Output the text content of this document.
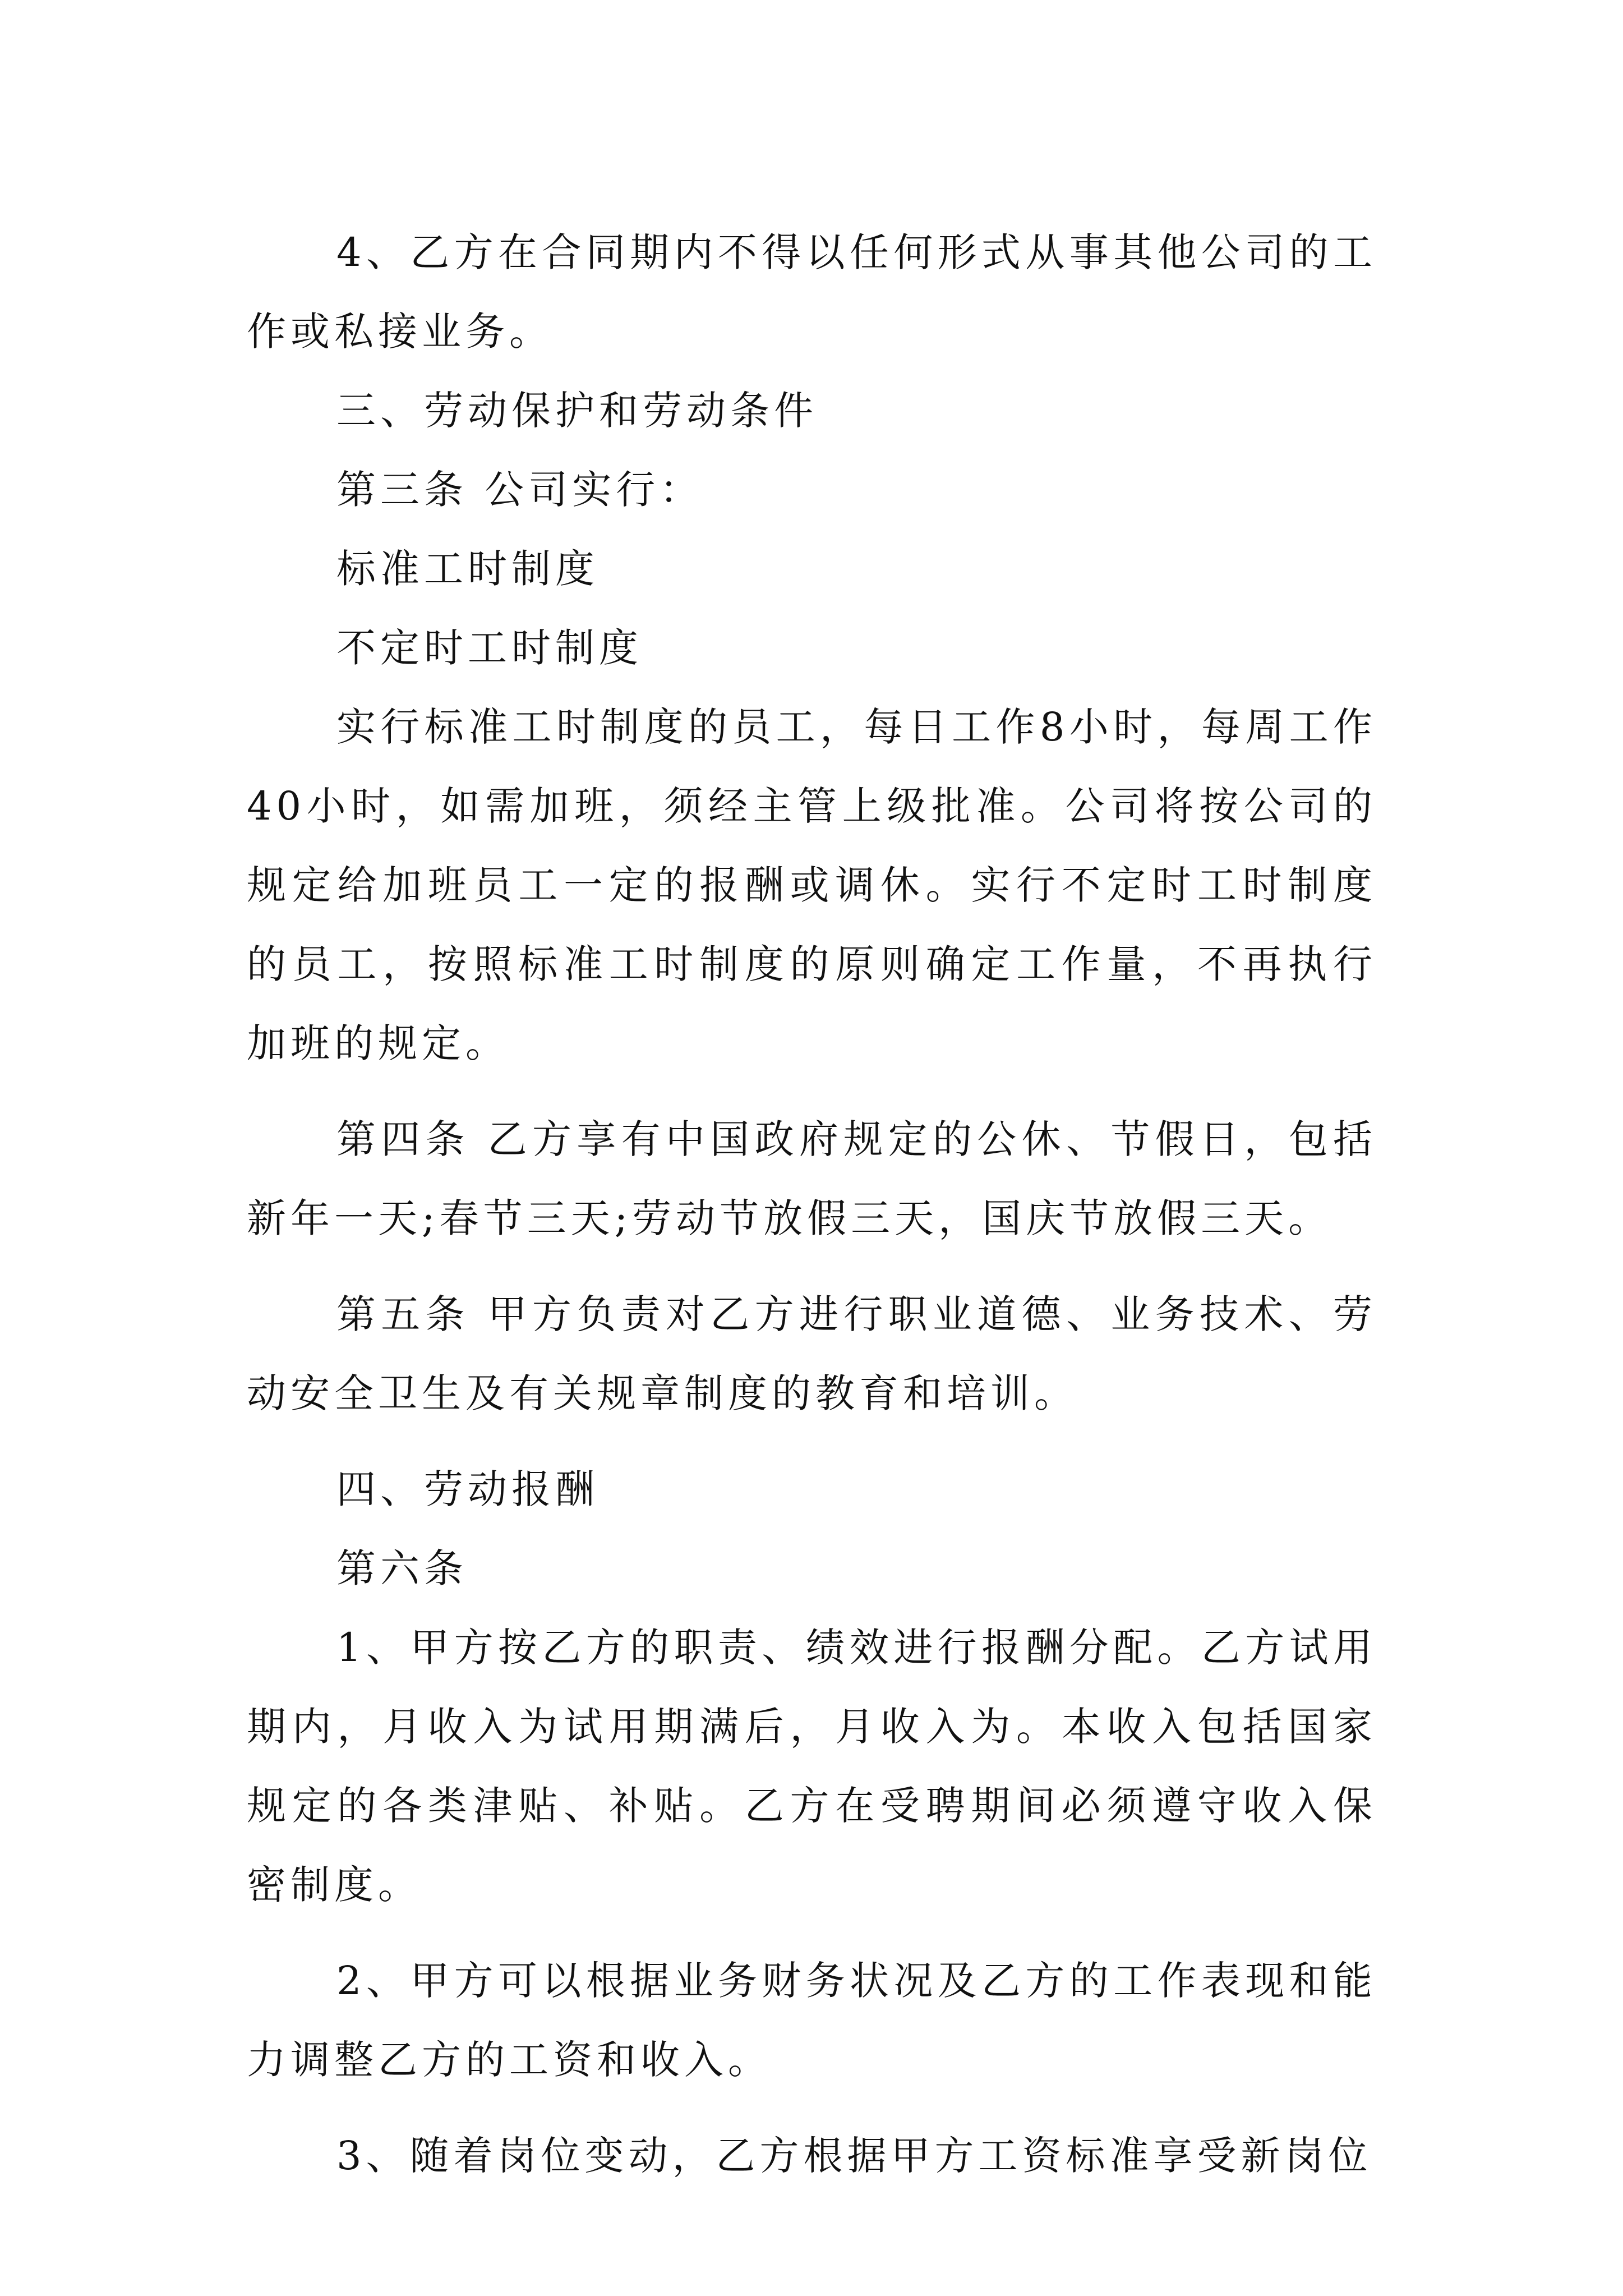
4、乙方在合同期内不得以任何形式从事其他公司的工作或私接业务。

三、劳动保护和劳动条件

第三条 公司实行：

标准工时制度

不定时工时制度

实行标准工时制度的员工，每日工作8小时，每周工作40小时，如需加班，须经主管上级批准。公司将按公司的规定给加班员工一定的报酬或调休。实行不定时工时制度的员工，按照标准工时制度的原则确定工作量，不再执行加班的规定。

第四条 乙方享有中国政府规定的公休、节假日，包括新年一天;春节三天;劳动节放假三天，国庆节放假三天。

第五条 甲方负责对乙方进行职业道德、业务技术、劳动安全卫生及有关规章制度的教育和培训。

四、劳动报酬

第六条

1、甲方按乙方的职责、绩效进行报酬分配。乙方试用期内，月收入为试用期满后，月收入为。本收入包括国家规定的各类津贴、补贴。乙方在受聘期间必须遵守收入保密制度。

2、甲方可以根据业务财务状况及乙方的工作表现和能力调整乙方的工资和收入。

3、随着岗位变动，乙方根据甲方工资标准享受新岗位
